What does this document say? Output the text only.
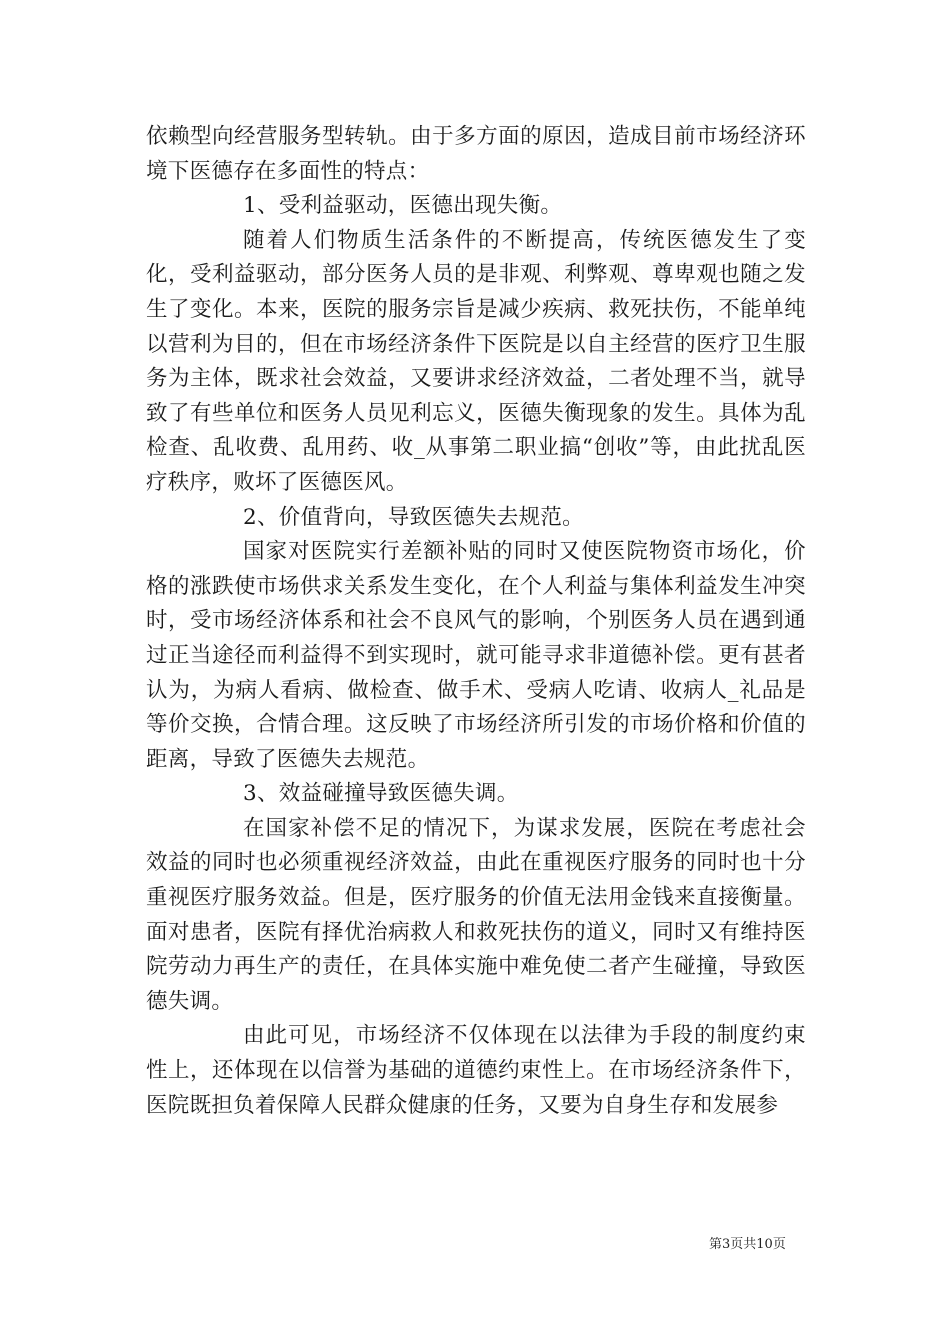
依赖型向经营服务型转轨。由于多方面的原因，造成目前市场经济环境下医德存在多面性的特点：

1、受利益驱动，医德出现失衡。

随着人们物质生活条件的不断提高，传统医德发生了变化，受利益驱动，部分医务人员的是非观、利弊观、尊卑观也随之发生了变化。本来，医院的服务宗旨是减少疾病、救死扶伤，不能单纯以营利为目的，但在市场经济条件下医院是以自主经营的医疗卫生服务为主体，既求社会效益，又要讲求经济效益，二者处理不当，就导致了有些单位和医务人员见利忘义，医德失衡现象的发生。具体为乱检查、乱收费、乱用药、收_从事第二职业搞“创收”等，由此扰乱医疗秩序，败坏了医德医风。

2、价值背向，导致医德失去规范。

国家对医院实行差额补贴的同时又使医院物资市场化，价格的涨跌使市场供求关系发生变化，在个人利益与集体利益发生冲突时，受市场经济体系和社会不良风气的影响，个别医务人员在遇到通过正当途径而利益得不到实现时，就可能寻求非道德补偿。更有甚者认为，为病人看病、做检查、做手术、受病人吃请、收病人_礼品是等价交换，合情合理。这反映了市场经济所引发的市场价格和价值的距离，导致了医德失去规范。

3、效益碰撞导致医德失调。

在国家补偿不足的情况下，为谋求发展，医院在考虑社会效益的同时也必须重视经济效益，由此在重视医疗服务的同时也十分重视医疗服务效益。但是，医疗服务的价值无法用金钱来直接衡量。面对患者，医院有择优治病救人和救死扶伤的道义，同时又有维持医院劳动力再生产的责任，在具体实施中难免使二者产生碰撞，导致医德失调。

由此可见，市场经济不仅体现在以法律为手段的制度约束性上，还体现在以信誉为基础的道德约束性上。在市场经济条件下，医院既担负着保障人民群众健康的任务，又要为自身生存和发展参

第3页共10页
